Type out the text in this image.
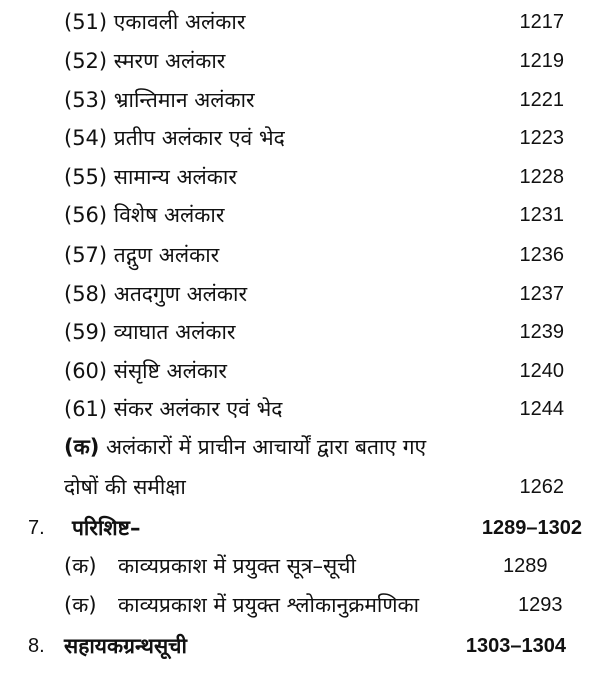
(51) एकावली अलंकार	1217
(52) स्मरण अलंकार	1219
(53) भ्रान्तिमान अलंकार	1221
(54) प्रतीप अलंकार एवं भेद	1223
(55) सामान्य अलंकार	1228
(56) विशेष अलंकार	1231
(57) तद्गुण अलंकार	1236
(58) अतदगुण अलंकार	1237
(59) व्याघात अलंकार	1239
(60) संसृष्टि अलंकार	1240
(61) संकर अलंकार एवं भेद	1244
(क) अलंकारों में प्राचीन आचार्यों द्वारा बताए गए
दोषों की समीक्षा	1262
7. परिशिष्ट–	1289–1302
(क) काव्यप्रकाश में प्रयुक्त सूत्र–सूची	1289
(क) काव्यप्रकाश में प्रयुक्त श्लोकानुक्रमणिका	1293
8. सहायकग्रन्थसूची	1303–1304
